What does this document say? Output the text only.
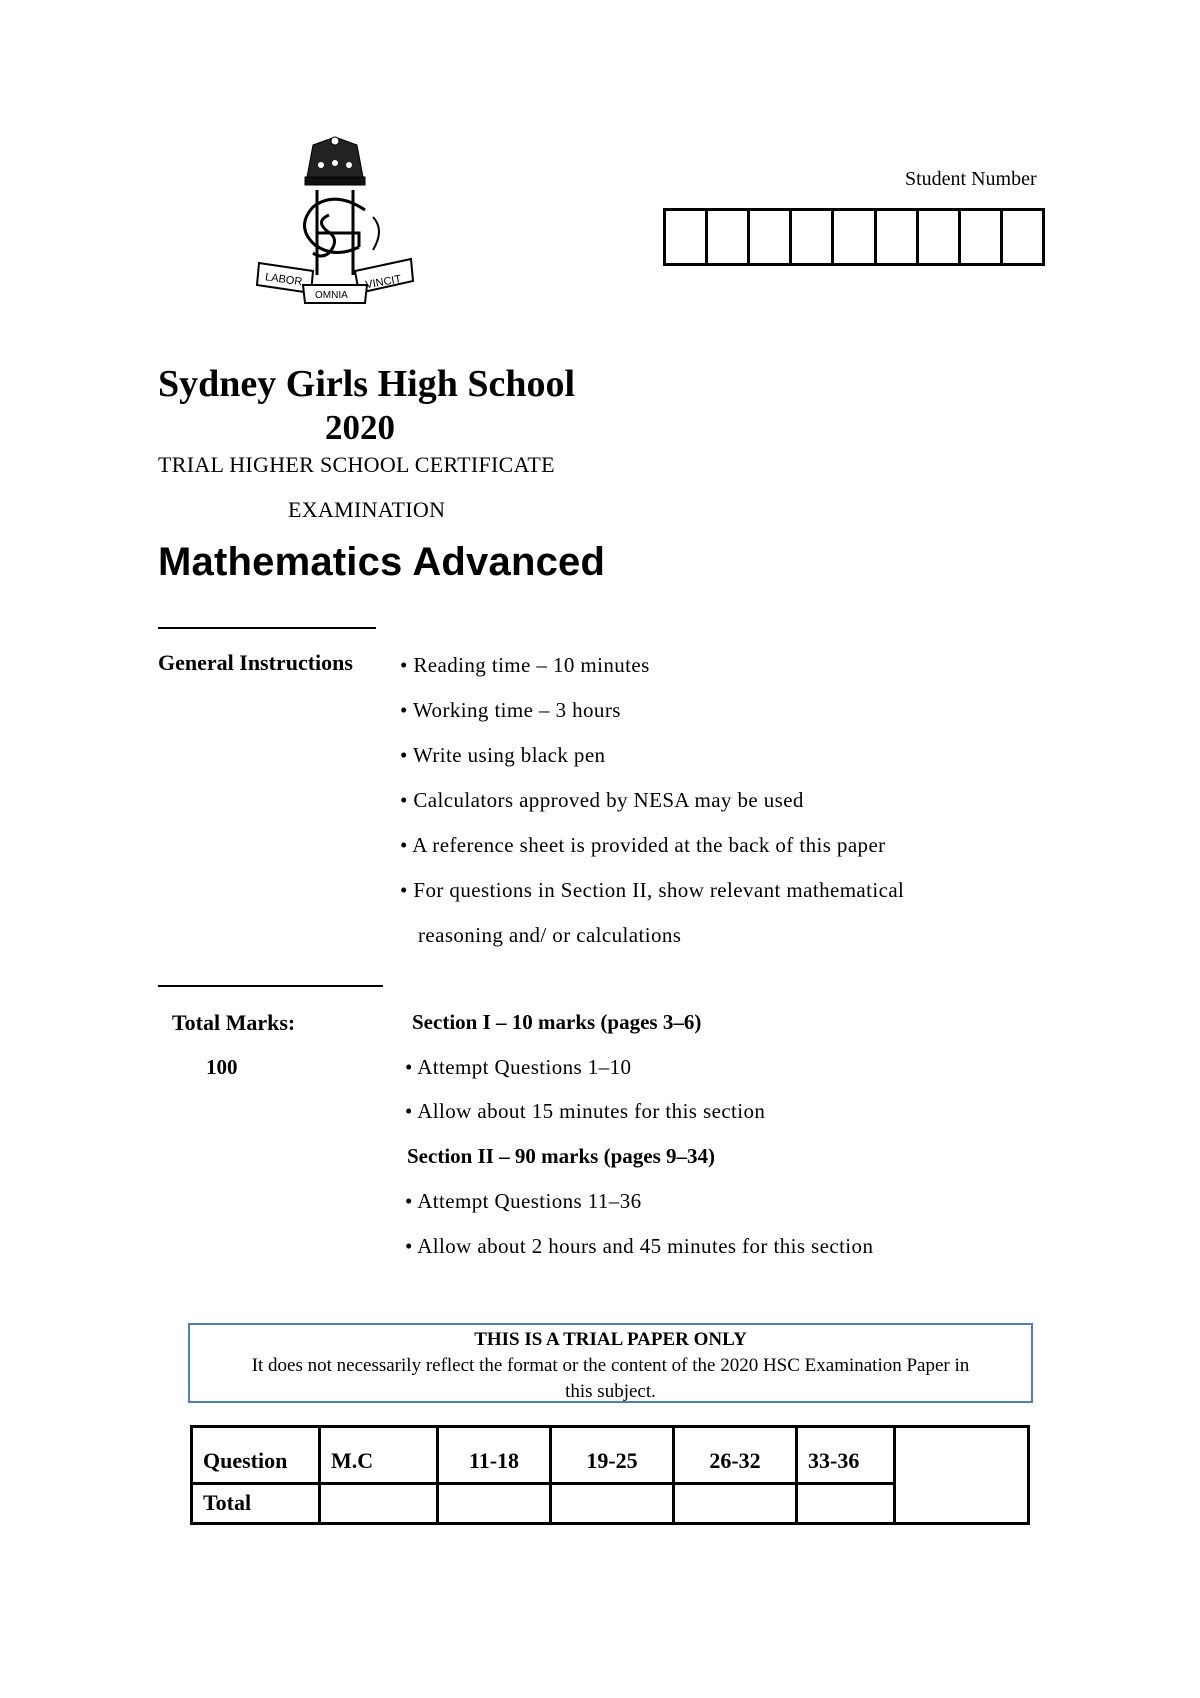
LABOR	VINCIT
OMNIA
Student Number
Sydney Girls High School
2020
TRIAL HIGHER SCHOOL CERTIFICATE
EXAMINATION
Mathematics Advanced
General Instructions • Reading time – 10 minutes
• Working time – 3 hours
• Write using black pen
• Calculators approved by NESA may be used
• A reference sheet is provided at the back of this paper
• For questions in Section II, show relevant mathematical
reasoning and/ or calculations
Total Marks:
100
Section I – 10 marks (pages 3–6)
• Attempt Questions 1–10
• Allow about 15 minutes for this section
Section II – 90 marks (pages 9–34)
• Attempt Questions 11–36
• Allow about 2 hours and 45 minutes for this section
THIS IS A TRIAL PAPER ONLY
It does not necessarily reflect the format or the content of the 2020 HSC Examination Paper in
this subject.
Question	M.C	11-18	19-25	26-32	33-36	
Total						
